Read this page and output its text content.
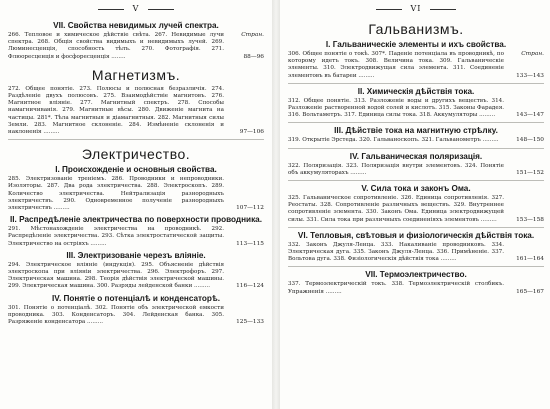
V
VII. Свойства невидимых лучей спектра.
Стран.
266. Тепловое и химическое дѣйствіе свѣта. 267. Невидимые лучи спектра. 268. Общія свойства видимыхъ и невидимыхъ лучей. 269. Люминесценція, способность тѣлъ. 270. Фотографія. 271. Флюоресценція и фосфоресценція ........	88—96
Магнетизмъ.
272. Общее понятіе. 273. Полюсы и полюсная безразличія. 274. Раздѣленіе двухъ полюсовъ. 275. Взаимодѣйствіе магнитовъ. 276. Магнитное вліяніе. 277. Магнитный спектръ. 278. Способы намагничиванія. 279. Магнитные вѣсы. 280. Движеніе магнита на частицы. 281*. Тѣла магнитныя и діамагнитныя. 282. Магнитныя силы Земли. 283. Магнитное склоненіе. 284. Измѣненіе склоненія и наклоненія .........	97—106
Электричество.
I. Происхожденіе и основныя свойства.
285. Электризованіе треніемъ. 286. Проводники и непроводники. Изоляторы. 287. Два рода электричества. 288. Электроскопъ. 289. Количество электричества. Нейтрализація разнородныхъ электричествъ. 290. Одновременное полученіе разнородныхъ электричествъ .........	107—112
II. Распредѣленіе электричества по поверхности проводника.
291. Мѣстонахожденіе электричества на проводникѣ. 292. Распредѣленіе электричества. 293. Сѣтка электростатической защиты. Электричество на остріяхъ .........	113—115
III. Электризованіе черезъ вліяніе.
294. Электрическое вліяніе (индукція). 295. Объясненіе дѣйствія электроскопа при вліяніи электричества. 296. Электрофоръ. 297. Электрическая машина. 298. Теорія дѣйствія электрической машины. 299. Электрическая машина. 300. Разряды лейденской банки .........	116—124
IV. Понятіе о потенціалѣ и конденсаторѣ.
301. Понятіе о потенціалѣ. 302. Понятіе объ электрической емкости проводника. 303. Конденсаторъ. 304. Лейденская банка. 305. Разряженіе конденсатора .........	125—133
VI
Гальванизмъ.
I. Гальваническіе элементы и ихъ свойства.
Стран.
306. Общее понятіе о токѣ. 307*. Паденіе потенціала въ проводникѣ, по которому идетъ токъ. 308. Величина тока. 309. Гальваническіе элементы. 310. Электродвижущая сила элемента. 311. Соединеніе элементовъ въ батареи .........	133—143
II. Химическія дѣйствія тока.
312. Общее понятіе. 313. Разложеніе воды и другихъ веществъ. 314. Разложеніе растворенной водой солей и кислотъ. 315. Законы Фарадея. 316. Вольтаметръ. 317. Единица силы тока. 318. Аккумуляторы .........	143—147
III. Дѣйствіе тока на магнитную стрѣлку.
319. Открытіе Эрстеда. 320. Гальваноскопъ. 321. Гальванометръ .........	148—150
IV. Гальваническая поляризація.
322. Поляризація. 323. Поляризація внутри элементовъ. 324. Понятіе объ аккумуляторахъ .........	151—152
V. Сила тока и законъ Ома.
325. Гальваническое сопротивленіе. 326. Единица сопротивленія. 327. Реостаты. 328. Сопротивленіе различныхъ веществъ. 329. Внутреннее сопротивленіе элемента. 330. Законъ Ома. Единица электродвижущей силы. 331. Сила тока при различныхъ соединеніяхъ элементовъ .........	153—158
VI. Тепловыя, свѣтовыя и физіологическія дѣйствія тока.
332. Законъ Джуля-Ленца. 333. Накаливаніе проводниковъ. 334. Электрическая дуга. 335. Законъ Джуля-Ленца. 336. Примѣненіе. 337. Вольтова дуга. 338. Физіологическія дѣйствія тока .........	161—164
VII. Термоэлектричество.
337. Термоэлектрическій токъ. 338. Термоэлектрическій столбикъ. Упражненія .........	165—167
